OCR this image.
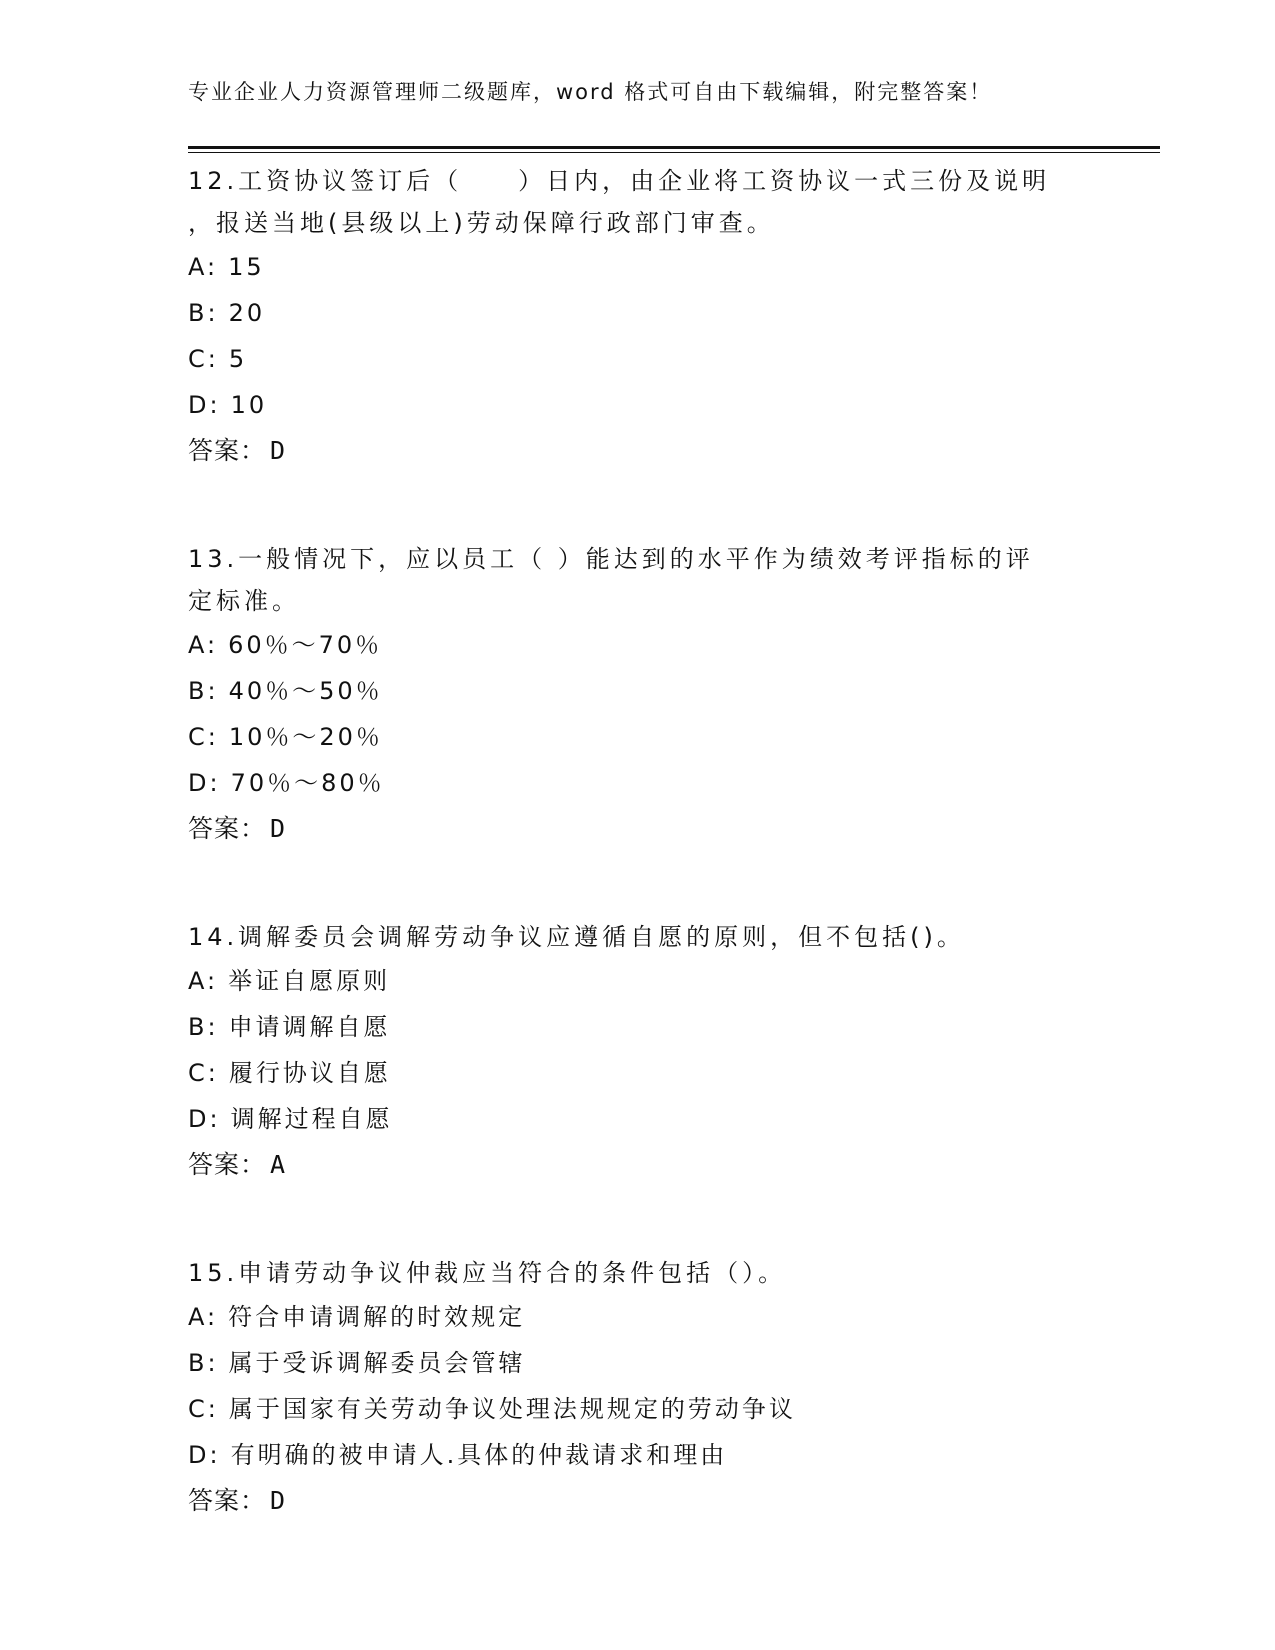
专业企业人力资源管理师二级题库，word 格式可自由下载编辑，附完整答案！
12.工资协议签订后（　　）日内，由企业将工资协议一式三份及说明
，报送当地(县级以上)劳动保障行政部门审查。
A: 15
B: 20
C: 5
D: 10
答案： D
13.一般情况下，应以员工（ ）能达到的水平作为绩效考评指标的评
定标准。
A: 60％～70％
B: 40％～50％
C: 10％～20％
D: 70％～80％
答案： D
14.调解委员会调解劳动争议应遵循自愿的原则，但不包括()。
A: 举证自愿原则
B: 申请调解自愿
C: 履行协议自愿
D: 调解过程自愿
答案： A
15.申请劳动争议仲裁应当符合的条件包括（）。
A: 符合申请调解的时效规定
B: 属于受诉调解委员会管辖
C: 属于国家有关劳动争议处理法规规定的劳动争议
D: 有明确的被申请人.具体的仲裁请求和理由
答案： D
